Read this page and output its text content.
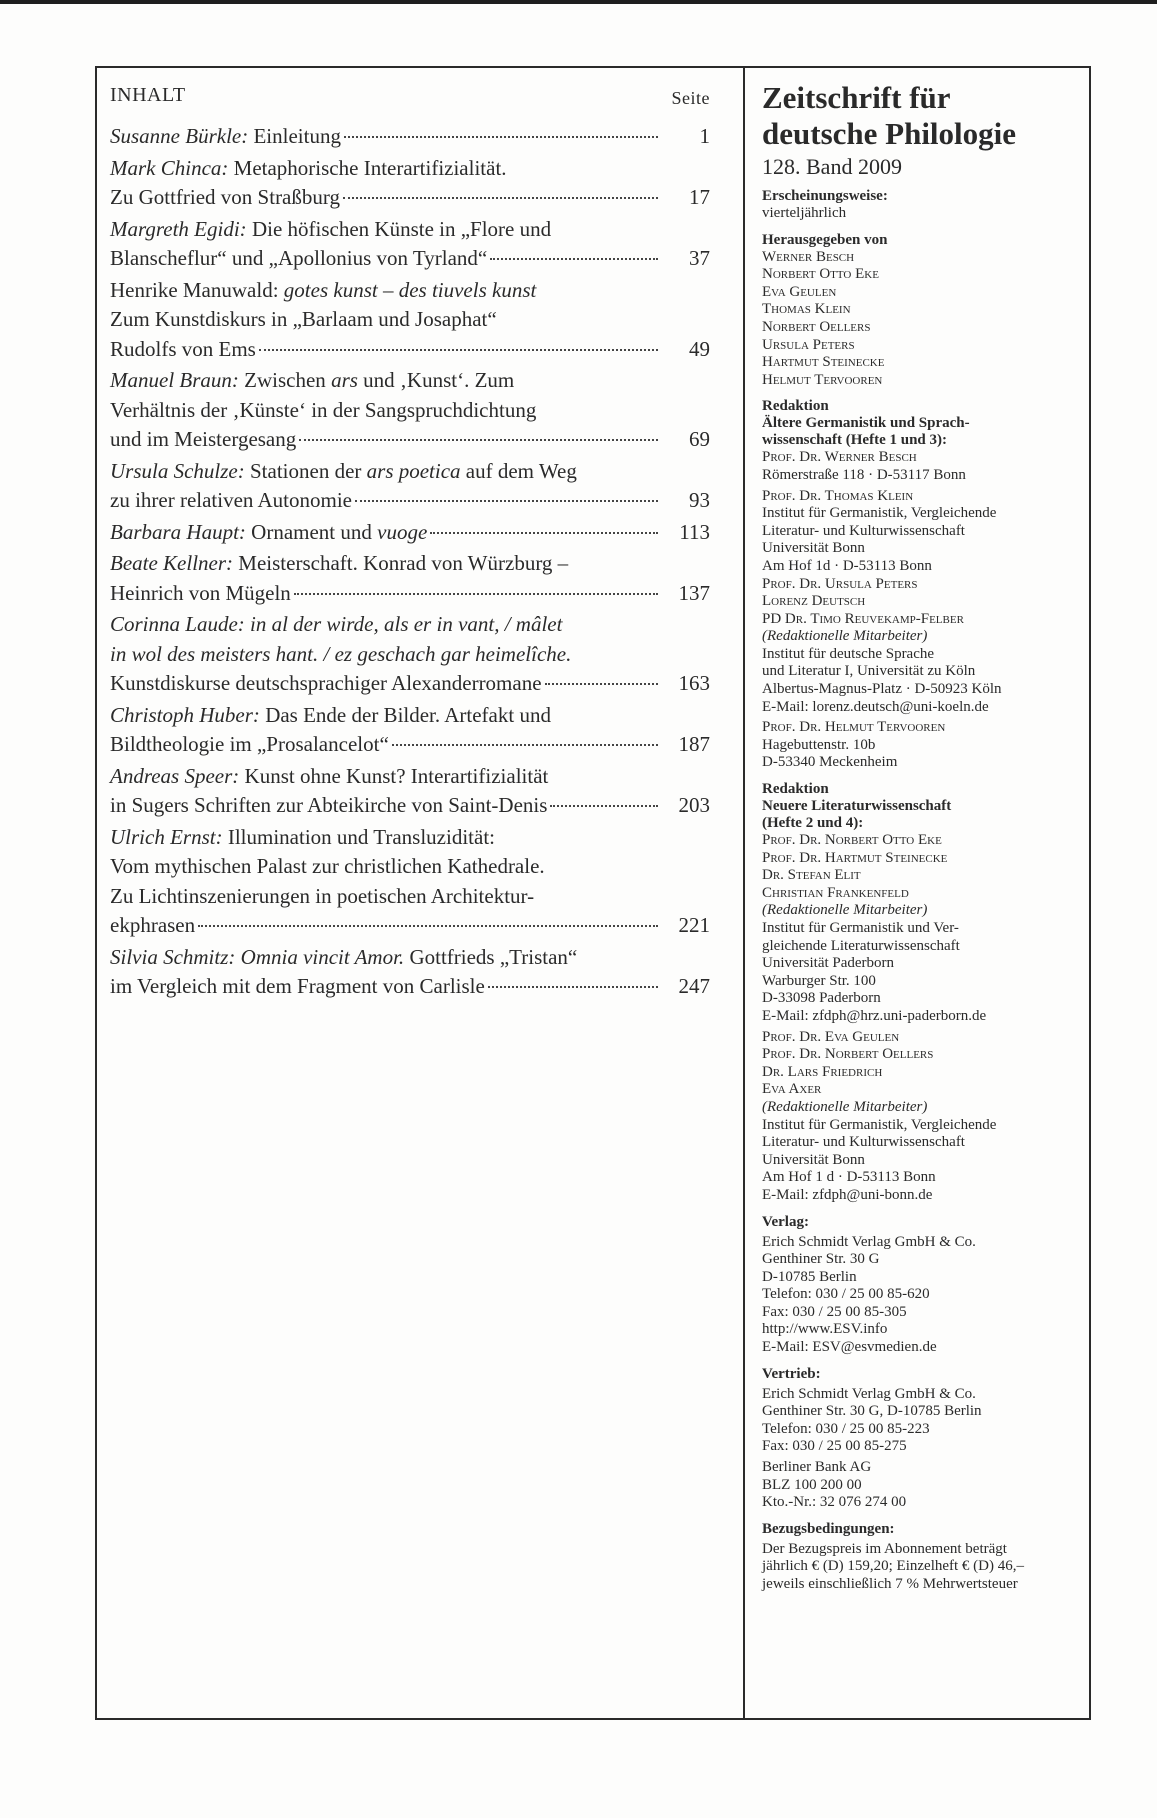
INHALT	Seite
Susanne Bürkle: Einleitung	1
Mark Chinca: Metaphorische Interartifizialität.
Zu Gottfried von Straßburg	17
Margreth Egidi: Die höfischen Künste in „Flore und
Blanscheflur“ und „Apollonius von Tyrland“	37
Henrike Manuwald: gotes kunst – des tiuvels kunst
Zum Kunstdiskurs in „Barlaam und Josaphat“
Rudolfs von Ems	49
Manuel Braun: Zwischen ars und ‚Kunst‘. Zum
Verhältnis der ‚Künste‘ in der Sangspruchdichtung
und im Meistergesang	69
Ursula Schulze: Stationen der ars poetica auf dem Weg
zu ihrer relativen Autonomie	93
Barbara Haupt: Ornament und vuoge	113
Beate Kellner: Meisterschaft. Konrad von Würzburg –
Heinrich von Mügeln	137
Corinna Laude: in al der wirde, als er in vant, / mâlet
in wol des meisters hant. / ez geschach gar heimelîche.
Kunstdiskurse deutschsprachiger Alexanderromane	163
Christoph Huber: Das Ende der Bilder. Artefakt und
Bildtheologie im „Prosalancelot“	187
Andreas Speer: Kunst ohne Kunst? Interartifizialität
in Sugers Schriften zur Abteikirche von Saint-Denis	203
Ulrich Ernst: Illumination und Transluzidität:
Vom mythischen Palast zur christlichen Kathedrale.
Zu Lichtinszenierungen in poetischen Architektur-
ekphrasen	221
Silvia Schmitz: Omnia vincit Amor. Gottfrieds „Tristan“
im Vergleich mit dem Fragment von Carlisle	247
Zeitschrift für
deutsche Philologie
128. Band 2009
Erscheinungsweise:
vierteljährlich
Herausgegeben von
Werner Besch
Norbert Otto Eke
Eva Geulen
Thomas Klein
Norbert Oellers
Ursula Peters
Hartmut Steinecke
Helmut Tervooren
Redaktion
Ältere Germanistik und Sprach-
wissenschaft (Hefte 1 und 3):
Prof. Dr. Werner Besch
Römerstraße 118 · D-53117 Bonn
Prof. Dr. Thomas Klein
Institut für Germanistik, Vergleichende
Literatur- und Kulturwissenschaft
Universität Bonn
Am Hof 1d · D-53113 Bonn
Prof. Dr. Ursula Peters
Lorenz Deutsch
PD Dr. Timo Reuvekamp-Felber
(Redaktionelle Mitarbeiter)
Institut für deutsche Sprache
und Literatur I, Universität zu Köln
Albertus-Magnus-Platz · D-50923 Köln
E-Mail: lorenz.deutsch@uni-koeln.de
Prof. Dr. Helmut Tervooren
Hagebuttenstr. 10b
D-53340 Meckenheim
Redaktion
Neuere Literaturwissenschaft
(Hefte 2 und 4):
Prof. Dr. Norbert Otto Eke
Prof. Dr. Hartmut Steinecke
Dr. Stefan Elit
Christian Frankenfeld
(Redaktionelle Mitarbeiter)
Institut für Germanistik und Ver-
gleichende Literaturwissenschaft
Universität Paderborn
Warburger Str. 100
D-33098 Paderborn
E-Mail: zfdph@hrz.uni-paderborn.de
Prof. Dr. Eva Geulen
Prof. Dr. Norbert Oellers
Dr. Lars Friedrich
Eva Axer
(Redaktionelle Mitarbeiter)
Institut für Germanistik, Vergleichende
Literatur- und Kulturwissenschaft
Universität Bonn
Am Hof 1 d · D-53113 Bonn
E-Mail: zfdph@uni-bonn.de
Verlag:
Erich Schmidt Verlag GmbH & Co.
Genthiner Str. 30 G
D-10785 Berlin
Telefon: 030 / 25 00 85-620
Fax: 030 / 25 00 85-305
http://www.ESV.info
E-Mail: ESV@esvmedien.de
Vertrieb:
Erich Schmidt Verlag GmbH & Co.
Genthiner Str. 30 G, D-10785 Berlin
Telefon: 030 / 25 00 85-223
Fax: 030 / 25 00 85-275
Berliner Bank AG
BLZ 100 200 00
Kto.-Nr.: 32 076 274 00
Bezugsbedingungen:
Der Bezugspreis im Abonnement beträgt
jährlich € (D) 159,20; Einzelheft € (D) 46,–
jeweils einschließlich 7 % Mehrwertsteuer
